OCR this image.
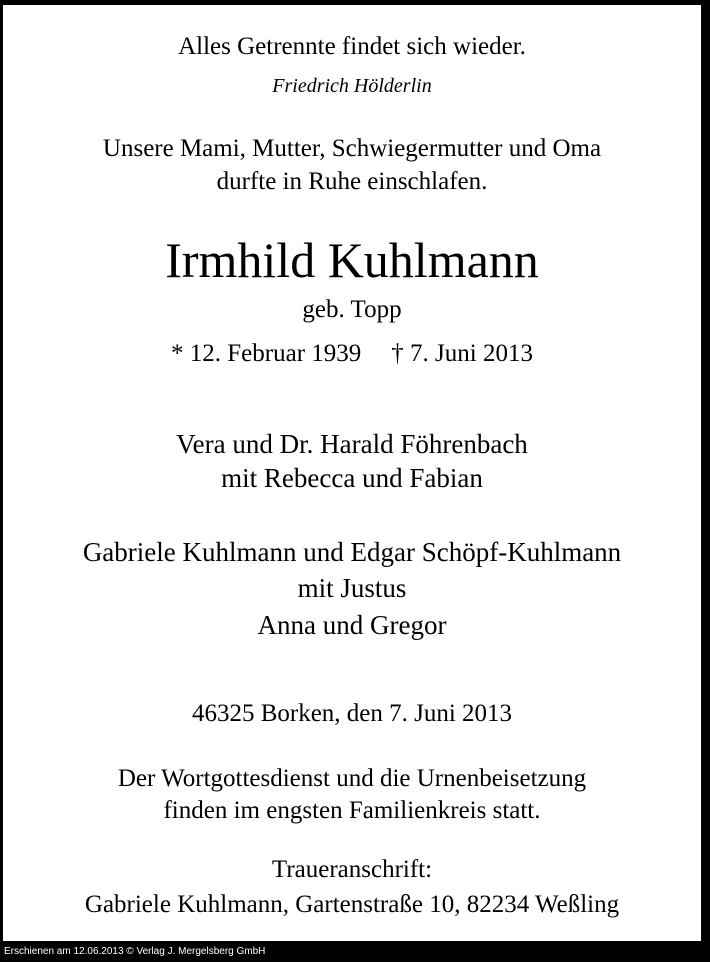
Alles Getrennte findet sich wieder.
Friedrich Hölderlin
Unsere Mami, Mutter, Schwiegermutter und Oma
durfte in Ruhe einschlafen.
Irmhild Kuhlmann
geb. Topp
* 12. Februar 1939 † 7. Juni 2013
Vera und Dr. Harald Föhrenbach
mit Rebecca und Fabian
Gabriele Kuhlmann und Edgar Schöpf-Kuhlmann
mit Justus
Anna und Gregor
46325 Borken, den 7. Juni 2013
Der Wortgottesdienst und die Urnenbeisetzung
finden im engsten Familienkreis statt.
Traueranschrift:
Gabriele Kuhlmann, Gartenstraße 10, 82234 Weßling
Erschienen am 12.06.2013 © Verlag J. Mergelsberg GmbH
